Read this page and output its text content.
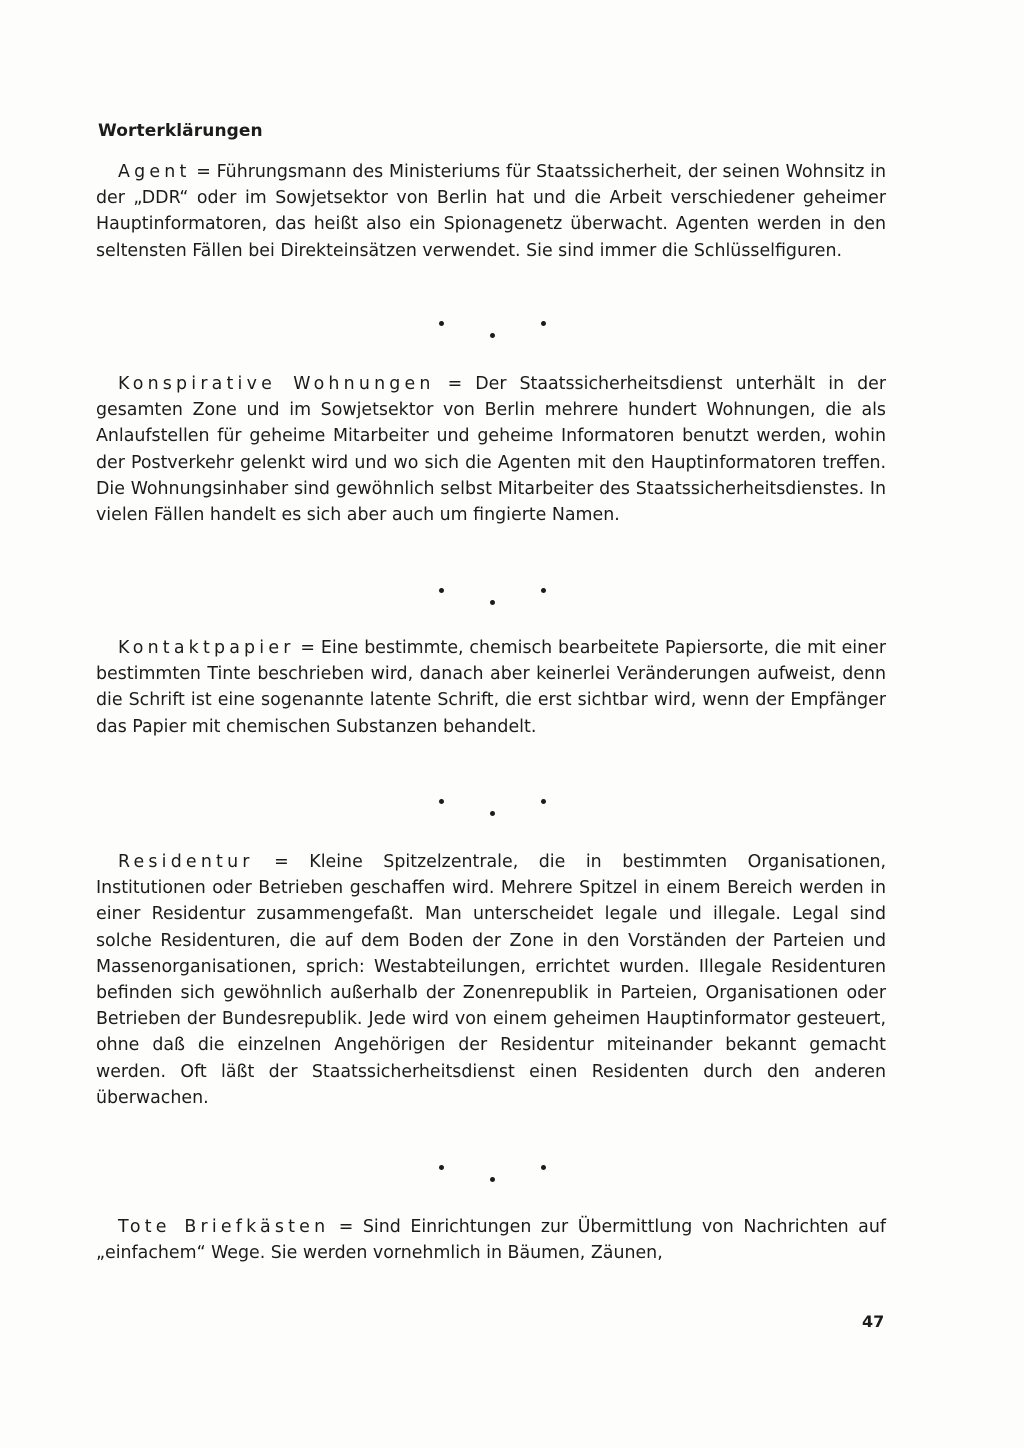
Worterklärungen

Agent = Führungsmann des Ministeriums für Staatssicherheit, der seinen Wohnsitz in der „DDR“ oder im Sowjetsektor von Berlin hat und die Arbeit verschiedener geheimer Hauptinformatoren, das heißt also ein Spionagenetz überwacht. Agenten werden in den seltensten Fällen bei Direkteinsätzen verwendet. Sie sind immer die Schlüsselfiguren.

Konspirative Wohnungen = Der Staatssicherheitsdienst unterhält in der gesamten Zone und im Sowjetsektor von Berlin mehrere hundert Wohnungen, die als Anlaufstellen für geheime Mitarbeiter und geheime Informatoren benutzt werden, wohin der Postverkehr gelenkt wird und wo sich die Agenten mit den Hauptinformatoren treffen. Die Wohnungsinhaber sind gewöhnlich selbst Mitarbeiter des Staatssicherheitsdienstes. In vielen Fällen handelt es sich aber auch um fingierte Namen.

Kontaktpapier = Eine bestimmte, chemisch bearbeitete Papiersorte, die mit einer bestimmten Tinte beschrieben wird, danach aber keinerlei Veränderungen aufweist, denn die Schrift ist eine sogenannte latente Schrift, die erst sichtbar wird, wenn der Empfänger das Papier mit chemischen Substanzen behandelt.

Residentur = Kleine Spitzelzentrale, die in bestimmten Organisationen, Institutionen oder Betrieben geschaffen wird. Mehrere Spitzel in einem Bereich werden in einer Residentur zusammengefaßt. Man unterscheidet legale und illegale. Legal sind solche Residenturen, die auf dem Boden der Zone in den Vorständen der Parteien und Massenorganisationen, sprich: Westabteilungen, errichtet wurden. Illegale Residenturen befinden sich gewöhnlich außerhalb der Zonenrepublik in Parteien, Organisationen oder Betrieben der Bundesrepublik. Jede wird von einem geheimen Hauptinformator gesteuert, ohne daß die einzelnen Angehörigen der Residentur miteinander bekannt gemacht werden. Oft läßt der Staatssicherheitsdienst einen Residenten durch den anderen überwachen.

Tote Briefkästen = Sind Einrichtungen zur Übermittlung von Nachrichten auf „einfachem“ Wege. Sie werden vornehmlich in Bäumen, Zäunen,

47
